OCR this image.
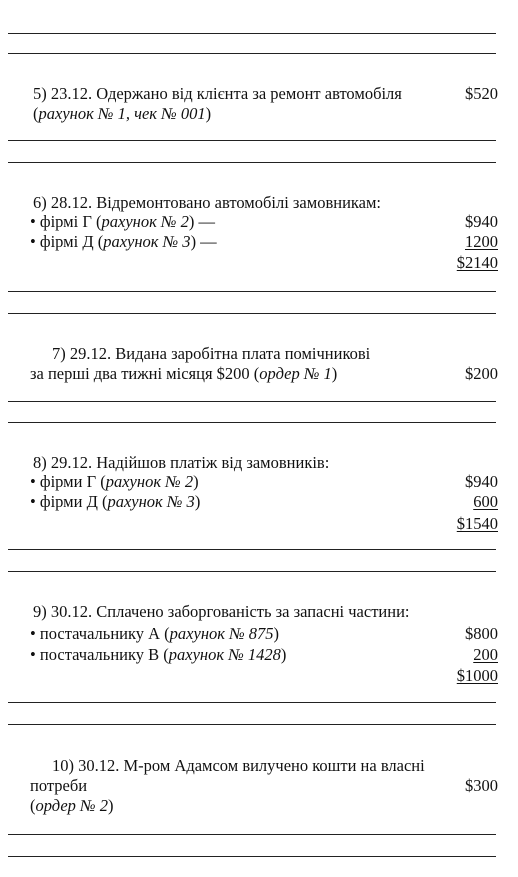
5) 23.12. Одержано від клієнта за ремонт автомобіля	$520
(рахунок № 1, чек № 001)
6) 28.12. Відремонтовано автомобілі замовникам:
• фірмі Г (рахунок № 2) —	$940
• фірмі Д (рахунок № 3) —	1200
$2140
7) 29.12. Видана заробітна плата помічникові
за перші два тижні місяця $200 (ордер № 1)	$200
8) 29.12. Надійшов платіж від замовників:
• фірми Г (рахунок № 2)	$940
• фірми Д (рахунок № 3)	600
$1540
9) 30.12. Сплачено заборгованість за запасні частини:
• постачальнику А (рахунок № 875)	$800
• постачальнику В (рахунок № 1428)	200
$1000
10) 30.12. М-ром Адамсом вилучено кошти на власні
потреби	$300
(ордер № 2)
